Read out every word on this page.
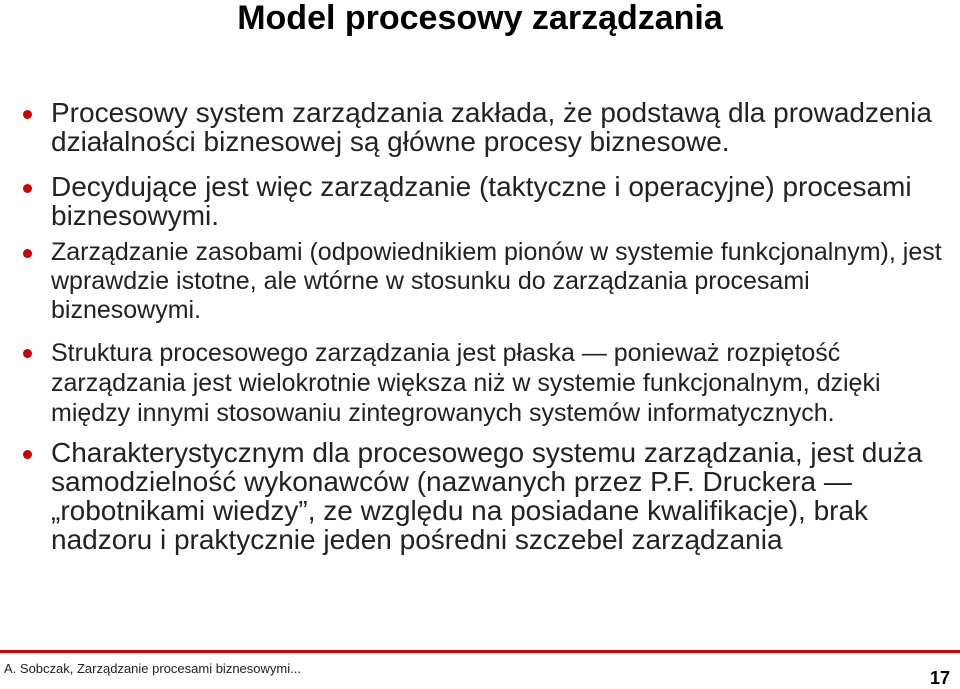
Model procesowy zarządzania
Procesowy system zarządzania zakłada, że podstawą dla prowadzenia działalności biznesowej są główne procesy biznesowe.
Decydujące jest więc zarządzanie (taktyczne i operacyjne) procesami biznesowymi.
Zarządzanie zasobami (odpowiednikiem pionów w systemie funkcjonalnym), jest wprawdzie istotne, ale wtórne w stosunku do zarządzania procesami biznesowymi.
Struktura procesowego zarządzania jest płaska — ponieważ rozpiętość zarządzania jest wielokrotnie większa niż w systemie funkcjonalnym, dzięki między innymi stosowaniu zintegrowanych systemów informatycznych.
Charakterystycznym dla procesowego systemu zarządzania, jest duża samodzielność wykonawców (nazwanych przez P.F. Druckera — „robotnikami wiedzy”, ze względu na posiadane kwalifikacje), brak nadzoru i praktycznie jeden pośredni szczebel zarządzania
A. Sobczak, Zarządzanie procesami biznesowymi...	17
